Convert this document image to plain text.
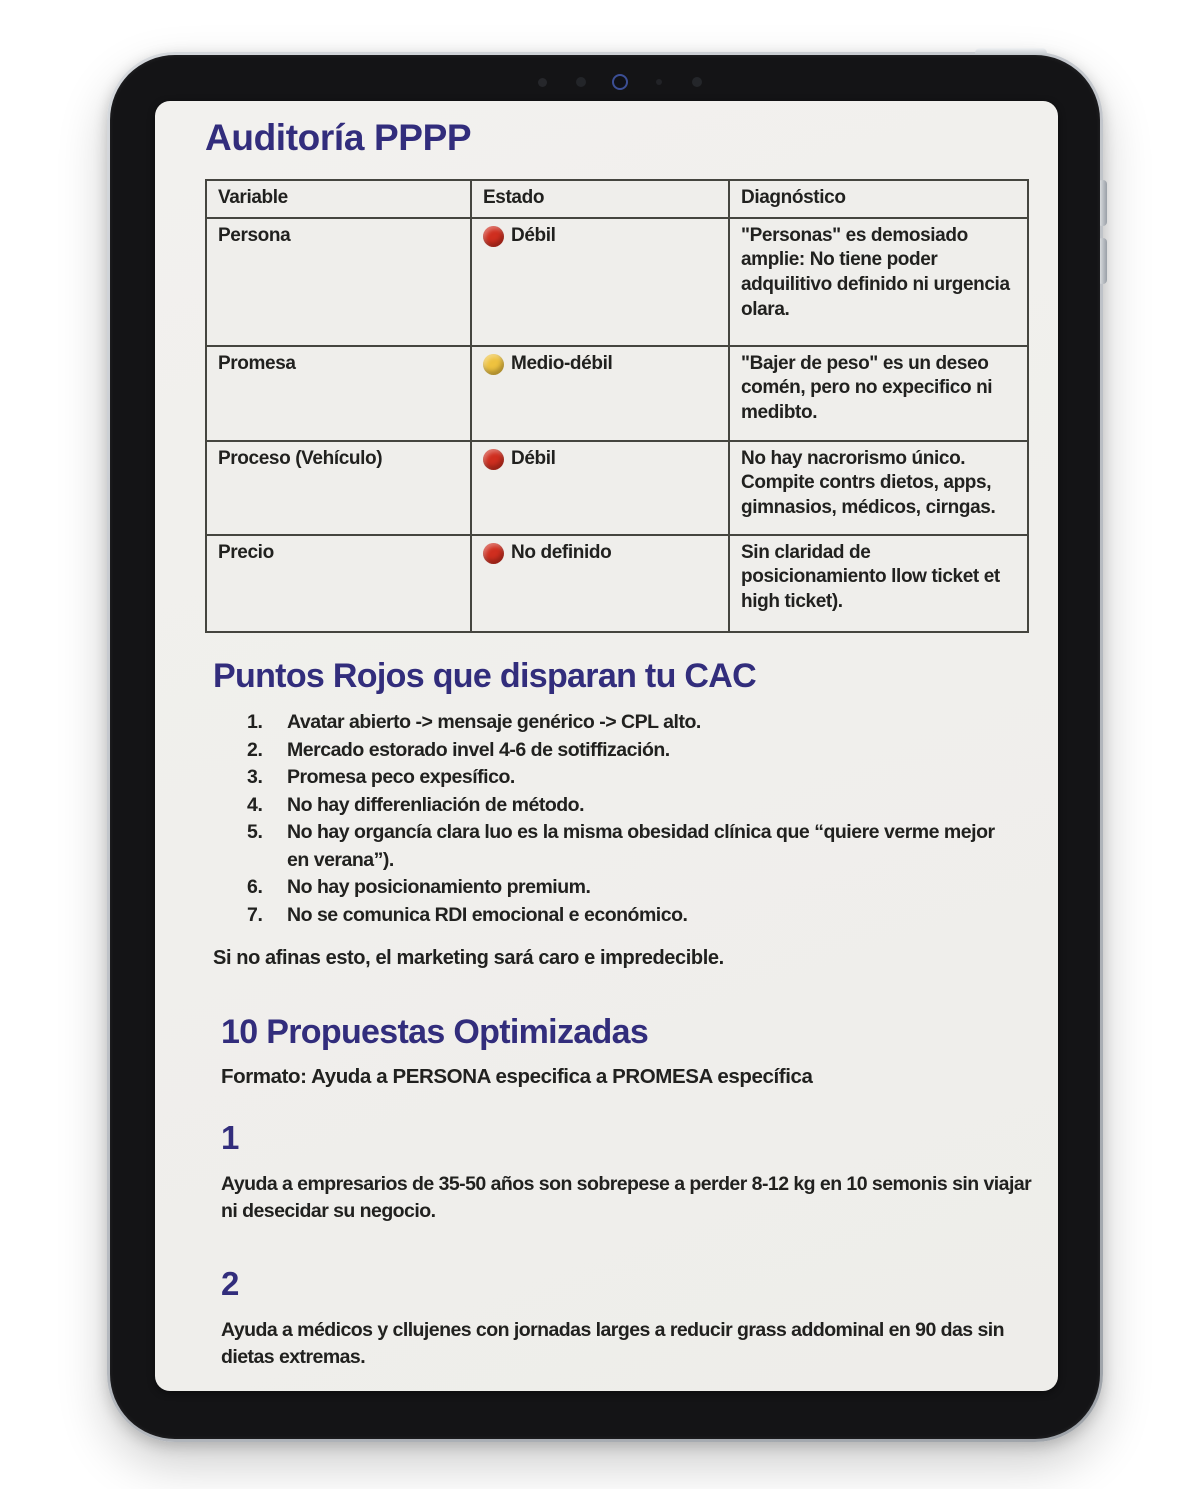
Auditoría PPPP
Variable	Estado	Diagnóstico
Persona	Débil	"Personas" es demosiado amplie: No tiene poder adquilitivo definido ni urgencia olara.
Promesa	Medio-débil	"Bajer de peso" es un deseo comén, pero no expecifico ni medibto.
Proceso (Vehículo)	Débil	No hay nacrorismo único. Compite contrs dietos, apps, gimnasios, médicos, cirngas.
Precio	No definido	Sin claridad de posicionamiento llow ticket et high ticket).
Puntos Rojos que disparan tu CAC
1.	Avatar abierto -> mensaje genérico -> CPL alto.
2.	Mercado estorado invel 4-6 de sotiffización.
3.	Promesa peco expesífico.
4.	No hay differenliación de método.
5.	No hay organcía clara luo es la misma obesidad clínica que “quiere verme mejor en verana”).
6.	No hay posicionamiento premium.
7.	No se comunica RDI emocional e económico.

Si no afinas esto, el marketing sará caro e impredecible.

10 Propuestas Optimizadas

Formato: Ayuda a PERSONA especifica a PROMESA específica

1

Ayuda a empresarios de 35-50 años son sobrepese a perder 8-12 kg en 10 semonis sin viajar ni desecidar su negocio.

2

Ayuda a médicos y cllujenes con jornadas larges a reducir grass addominal en 90 das sin dietas extremas.
